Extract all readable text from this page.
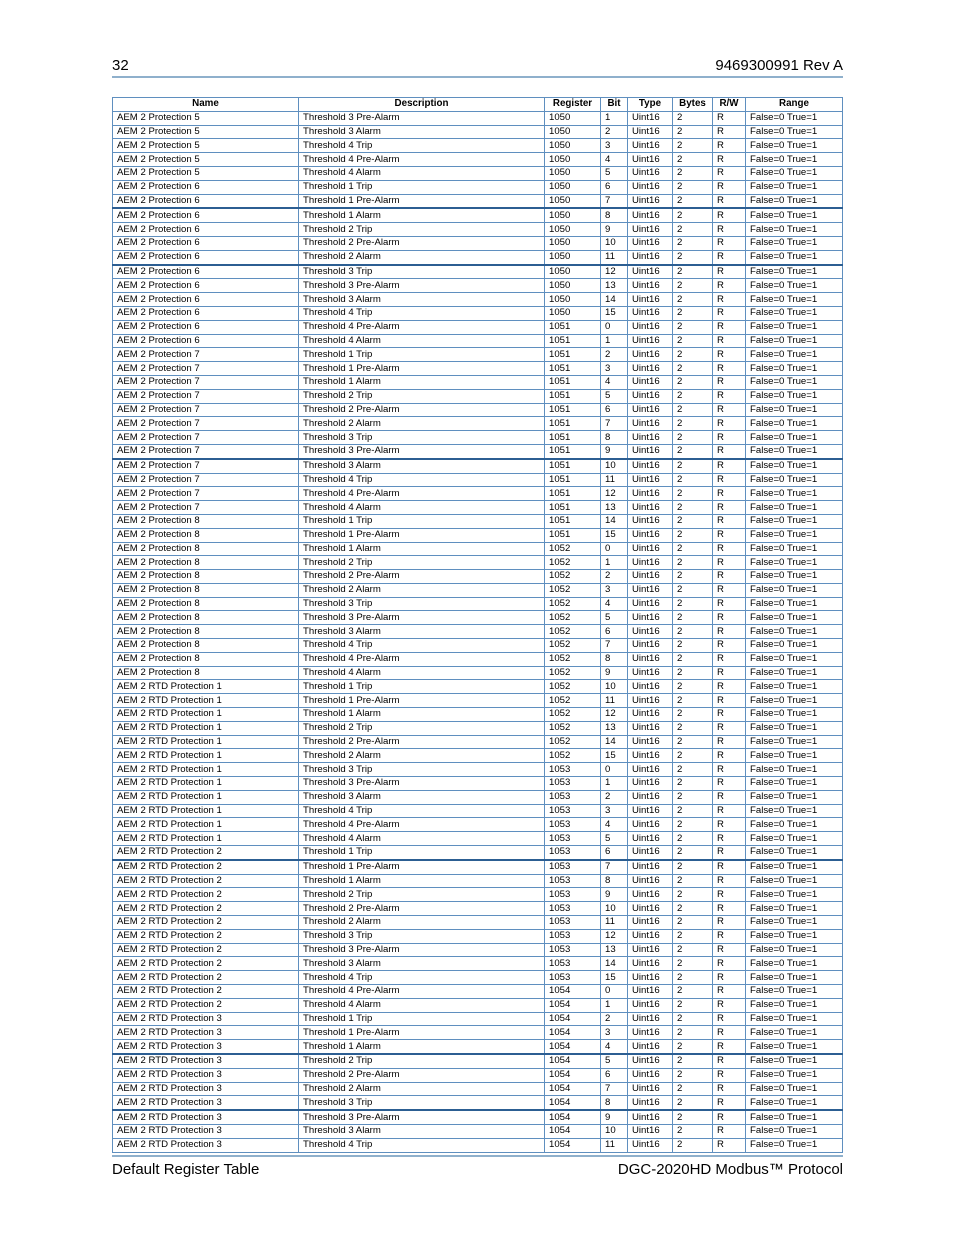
32	9469300991 Rev A
Name	Description	Register	Bit	Type	Bytes	R/W	Range
AEM 2 Protection 5	Threshold 3 Pre-Alarm	1050	1	Uint16	2	R	False=0 True=1
AEM 2 Protection 5	Threshold 3 Alarm	1050	2	Uint16	2	R	False=0 True=1
AEM 2 Protection 5	Threshold 4 Trip	1050	3	Uint16	2	R	False=0 True=1
AEM 2 Protection 5	Threshold 4 Pre-Alarm	1050	4	Uint16	2	R	False=0 True=1
AEM 2 Protection 5	Threshold 4 Alarm	1050	5	Uint16	2	R	False=0 True=1
AEM 2 Protection 6	Threshold 1 Trip	1050	6	Uint16	2	R	False=0 True=1
AEM 2 Protection 6	Threshold 1 Pre-Alarm	1050	7	Uint16	2	R	False=0 True=1
AEM 2 Protection 6	Threshold 1 Alarm	1050	8	Uint16	2	R	False=0 True=1
AEM 2 Protection 6	Threshold 2 Trip	1050	9	Uint16	2	R	False=0 True=1
AEM 2 Protection 6	Threshold 2 Pre-Alarm	1050	10	Uint16	2	R	False=0 True=1
AEM 2 Protection 6	Threshold 2 Alarm	1050	11	Uint16	2	R	False=0 True=1
AEM 2 Protection 6	Threshold 3 Trip	1050	12	Uint16	2	R	False=0 True=1
AEM 2 Protection 6	Threshold 3 Pre-Alarm	1050	13	Uint16	2	R	False=0 True=1
AEM 2 Protection 6	Threshold 3 Alarm	1050	14	Uint16	2	R	False=0 True=1
AEM 2 Protection 6	Threshold 4 Trip	1050	15	Uint16	2	R	False=0 True=1
AEM 2 Protection 6	Threshold 4 Pre-Alarm	1051	0	Uint16	2	R	False=0 True=1
AEM 2 Protection 6	Threshold 4 Alarm	1051	1	Uint16	2	R	False=0 True=1
AEM 2 Protection 7	Threshold 1 Trip	1051	2	Uint16	2	R	False=0 True=1
AEM 2 Protection 7	Threshold 1 Pre-Alarm	1051	3	Uint16	2	R	False=0 True=1
AEM 2 Protection 7	Threshold 1 Alarm	1051	4	Uint16	2	R	False=0 True=1
AEM 2 Protection 7	Threshold 2 Trip	1051	5	Uint16	2	R	False=0 True=1
AEM 2 Protection 7	Threshold 2 Pre-Alarm	1051	6	Uint16	2	R	False=0 True=1
AEM 2 Protection 7	Threshold 2 Alarm	1051	7	Uint16	2	R	False=0 True=1
AEM 2 Protection 7	Threshold 3 Trip	1051	8	Uint16	2	R	False=0 True=1
AEM 2 Protection 7	Threshold 3 Pre-Alarm	1051	9	Uint16	2	R	False=0 True=1
AEM 2 Protection 7	Threshold 3 Alarm	1051	10	Uint16	2	R	False=0 True=1
AEM 2 Protection 7	Threshold 4 Trip	1051	11	Uint16	2	R	False=0 True=1
AEM 2 Protection 7	Threshold 4 Pre-Alarm	1051	12	Uint16	2	R	False=0 True=1
AEM 2 Protection 7	Threshold 4 Alarm	1051	13	Uint16	2	R	False=0 True=1
AEM 2 Protection 8	Threshold 1 Trip	1051	14	Uint16	2	R	False=0 True=1
AEM 2 Protection 8	Threshold 1 Pre-Alarm	1051	15	Uint16	2	R	False=0 True=1
AEM 2 Protection 8	Threshold 1 Alarm	1052	0	Uint16	2	R	False=0 True=1
AEM 2 Protection 8	Threshold 2 Trip	1052	1	Uint16	2	R	False=0 True=1
AEM 2 Protection 8	Threshold 2 Pre-Alarm	1052	2	Uint16	2	R	False=0 True=1
AEM 2 Protection 8	Threshold 2 Alarm	1052	3	Uint16	2	R	False=0 True=1
AEM 2 Protection 8	Threshold 3 Trip	1052	4	Uint16	2	R	False=0 True=1
AEM 2 Protection 8	Threshold 3 Pre-Alarm	1052	5	Uint16	2	R	False=0 True=1
AEM 2 Protection 8	Threshold 3 Alarm	1052	6	Uint16	2	R	False=0 True=1
AEM 2 Protection 8	Threshold 4 Trip	1052	7	Uint16	2	R	False=0 True=1
AEM 2 Protection 8	Threshold 4 Pre-Alarm	1052	8	Uint16	2	R	False=0 True=1
AEM 2 Protection 8	Threshold 4 Alarm	1052	9	Uint16	2	R	False=0 True=1
AEM 2 RTD Protection 1	Threshold 1 Trip	1052	10	Uint16	2	R	False=0 True=1
AEM 2 RTD Protection 1	Threshold 1 Pre-Alarm	1052	11	Uint16	2	R	False=0 True=1
AEM 2 RTD Protection 1	Threshold 1 Alarm	1052	12	Uint16	2	R	False=0 True=1
AEM 2 RTD Protection 1	Threshold 2 Trip	1052	13	Uint16	2	R	False=0 True=1
AEM 2 RTD Protection 1	Threshold 2 Pre-Alarm	1052	14	Uint16	2	R	False=0 True=1
AEM 2 RTD Protection 1	Threshold 2 Alarm	1052	15	Uint16	2	R	False=0 True=1
AEM 2 RTD Protection 1	Threshold 3 Trip	1053	0	Uint16	2	R	False=0 True=1
AEM 2 RTD Protection 1	Threshold 3 Pre-Alarm	1053	1	Uint16	2	R	False=0 True=1
AEM 2 RTD Protection 1	Threshold 3 Alarm	1053	2	Uint16	2	R	False=0 True=1
AEM 2 RTD Protection 1	Threshold 4 Trip	1053	3	Uint16	2	R	False=0 True=1
AEM 2 RTD Protection 1	Threshold 4 Pre-Alarm	1053	4	Uint16	2	R	False=0 True=1
AEM 2 RTD Protection 1	Threshold 4 Alarm	1053	5	Uint16	2	R	False=0 True=1
AEM 2 RTD Protection 2	Threshold 1 Trip	1053	6	Uint16	2	R	False=0 True=1
AEM 2 RTD Protection 2	Threshold 1 Pre-Alarm	1053	7	Uint16	2	R	False=0 True=1
AEM 2 RTD Protection 2	Threshold 1 Alarm	1053	8	Uint16	2	R	False=0 True=1
AEM 2 RTD Protection 2	Threshold 2 Trip	1053	9	Uint16	2	R	False=0 True=1
AEM 2 RTD Protection 2	Threshold 2 Pre-Alarm	1053	10	Uint16	2	R	False=0 True=1
AEM 2 RTD Protection 2	Threshold 2 Alarm	1053	11	Uint16	2	R	False=0 True=1
AEM 2 RTD Protection 2	Threshold 3 Trip	1053	12	Uint16	2	R	False=0 True=1
AEM 2 RTD Protection 2	Threshold 3 Pre-Alarm	1053	13	Uint16	2	R	False=0 True=1
AEM 2 RTD Protection 2	Threshold 3 Alarm	1053	14	Uint16	2	R	False=0 True=1
AEM 2 RTD Protection 2	Threshold 4 Trip	1053	15	Uint16	2	R	False=0 True=1
AEM 2 RTD Protection 2	Threshold 4 Pre-Alarm	1054	0	Uint16	2	R	False=0 True=1
AEM 2 RTD Protection 2	Threshold 4 Alarm	1054	1	Uint16	2	R	False=0 True=1
AEM 2 RTD Protection 3	Threshold 1 Trip	1054	2	Uint16	2	R	False=0 True=1
AEM 2 RTD Protection 3	Threshold 1 Pre-Alarm	1054	3	Uint16	2	R	False=0 True=1
AEM 2 RTD Protection 3	Threshold 1 Alarm	1054	4	Uint16	2	R	False=0 True=1
AEM 2 RTD Protection 3	Threshold 2 Trip	1054	5	Uint16	2	R	False=0 True=1
AEM 2 RTD Protection 3	Threshold 2 Pre-Alarm	1054	6	Uint16	2	R	False=0 True=1
AEM 2 RTD Protection 3	Threshold 2 Alarm	1054	7	Uint16	2	R	False=0 True=1
AEM 2 RTD Protection 3	Threshold 3 Trip	1054	8	Uint16	2	R	False=0 True=1
AEM 2 RTD Protection 3	Threshold 3 Pre-Alarm	1054	9	Uint16	2	R	False=0 True=1
AEM 2 RTD Protection 3	Threshold 3 Alarm	1054	10	Uint16	2	R	False=0 True=1
AEM 2 RTD Protection 3	Threshold 4 Trip	1054	11	Uint16	2	R	False=0 True=1
Default Register Table	DGC-2020HD Modbus™ Protocol
